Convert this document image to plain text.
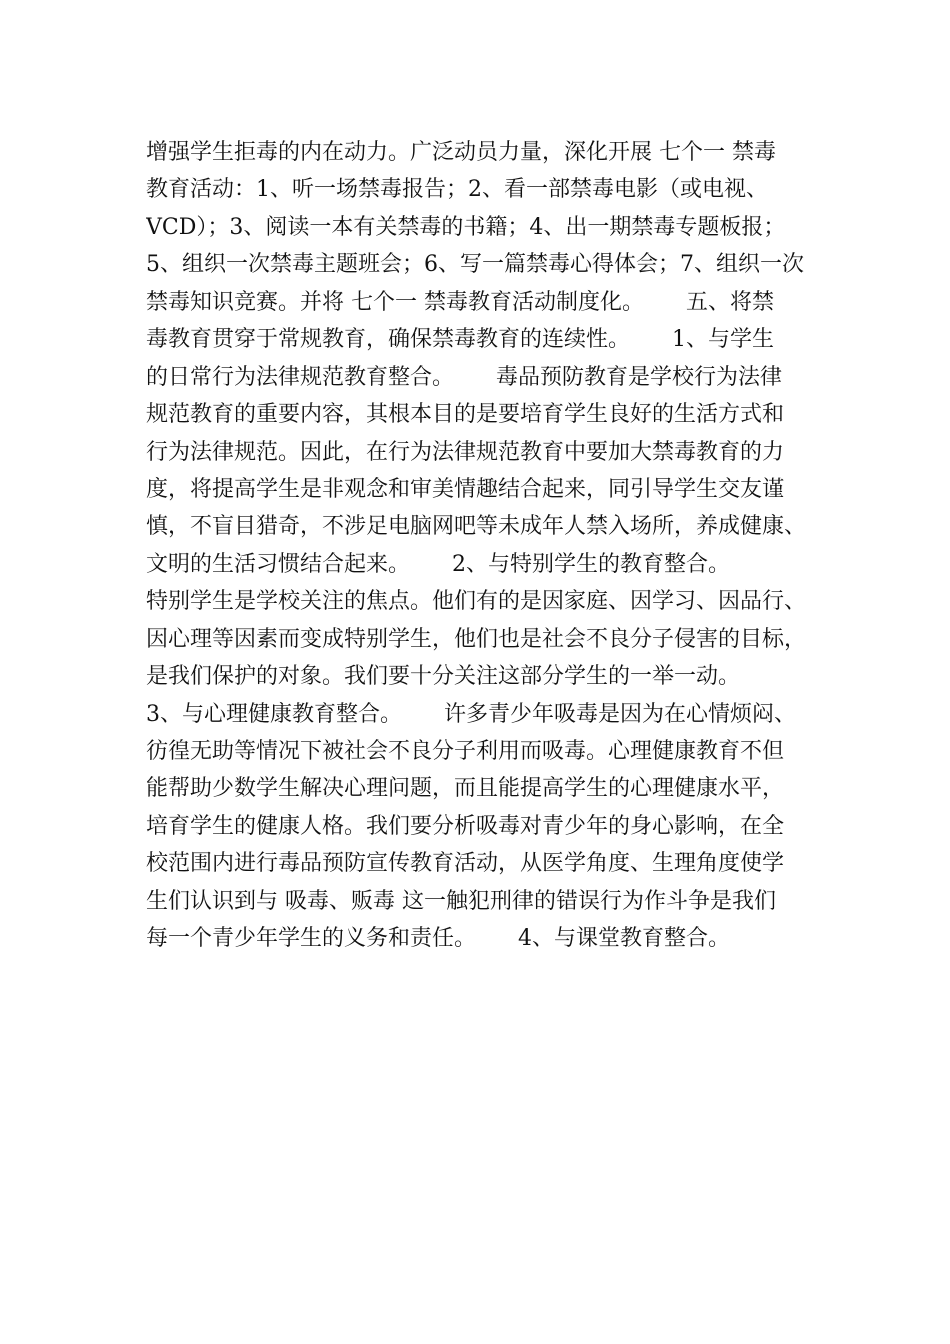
增强学生拒毒的内在动力。广泛动员力量，深化开展 七个一 禁毒
教育活动：1、听一场禁毒报告；2、看一部禁毒电影（或电视、
VCD）；3、阅读一本有关禁毒的书籍；4、出一期禁毒专题板报；
5、组织一次禁毒主题班会；6、写一篇禁毒心得体会；7、组织一次
禁毒知识竞赛。并将 七个一 禁毒教育活动制度化。      五、将禁
毒教育贯穿于常规教育，确保禁毒教育的连续性。      1、与学生
的日常行为法律规范教育整合。      毒品预防教育是学校行为法律
规范教育的重要内容，其根本目的是要培育学生良好的生活方式和
行为法律规范。因此，在行为法律规范教育中要加大禁毒教育的力
度，将提高学生是非观念和审美情趣结合起来，同引导学生交友谨
慎，不盲目猎奇，不涉足电脑网吧等未成年人禁入场所，养成健康、
文明的生活习惯结合起来。      2、与特别学生的教育整合。
特别学生是学校关注的焦点。他们有的是因家庭、因学习、因品行、
因心理等因素而变成特别学生，他们也是社会不良分子侵害的目标，
是我们保护的对象。我们要十分关注这部分学生的一举一动。
3、与心理健康教育整合。      许多青少年吸毒是因为在心情烦闷、
彷徨无助等情况下被社会不良分子利用而吸毒。心理健康教育不但
能帮助少数学生解决心理问题，而且能提高学生的心理健康水平，
培育学生的健康人格。我们要分析吸毒对青少年的身心影响，在全
校范围内进行毒品预防宣传教育活动，从医学角度、生理角度使学
生们认识到与 吸毒、贩毒 这一触犯刑律的错误行为作斗争是我们
每一个青少年学生的义务和责任。      4、与课堂教育整合。
